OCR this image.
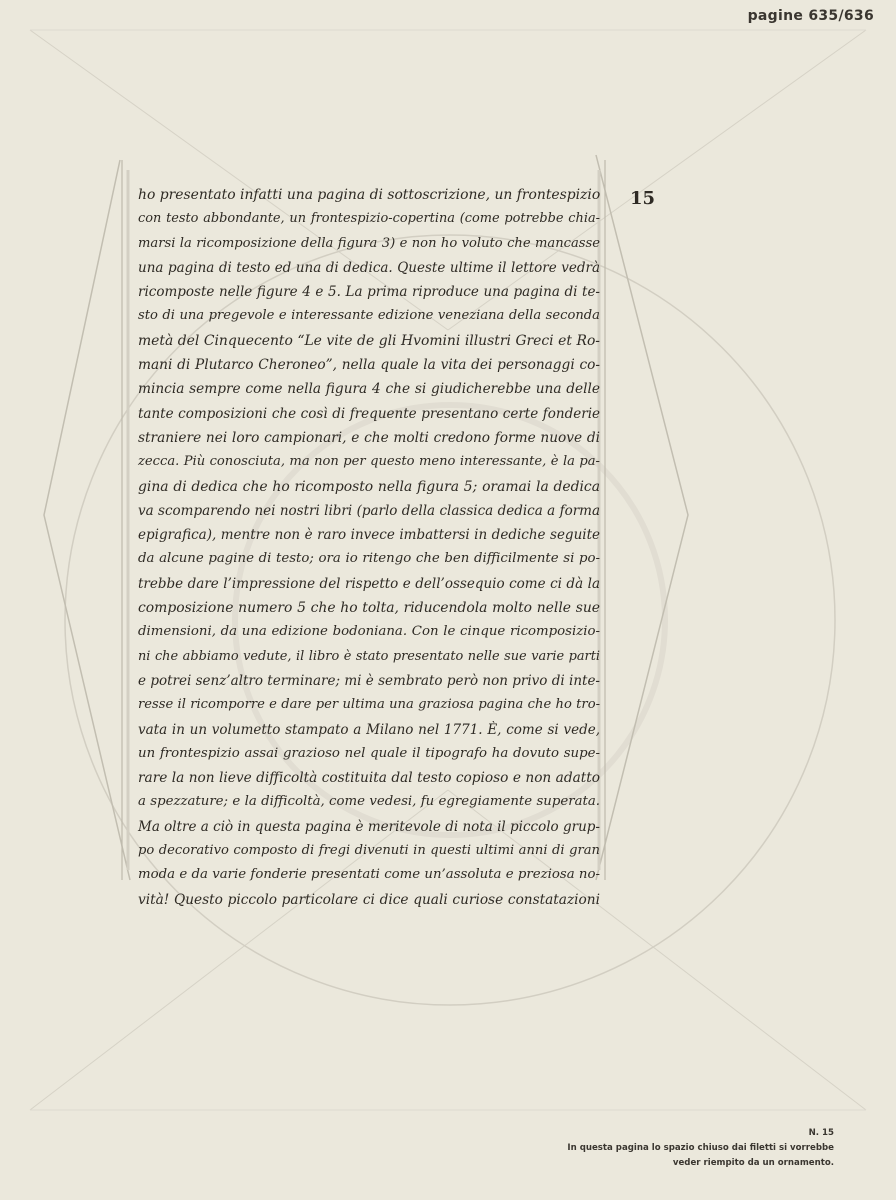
pagine 635/636
15
ho presentato infatti una pagina di sottoscrizione, un frontespizio
con testo abbondante, un frontespizio-copertina (come potrebbe chia-
marsi la ricomposizione della figura 3) e non ho voluto che mancasse
una pagina di testo ed una di dedica. Queste ultime il lettore vedrà
ricomposte nelle figure 4 e 5. La prima riproduce una pagina di te-
sto di una pregevole e interessante edizione veneziana della seconda
metà del Cinquecento “Le vite de gli Hvomini illustri Greci et Ro-
mani di Plutarco Cheroneo”, nella quale la vita dei personaggi co-
mincia sempre come nella figura 4 che si giudicherebbe una delle
tante composizioni che così di frequente presentano certe fonderie
straniere nei loro campionari, e che molti credono forme nuove di
zecca. Più conosciuta, ma non per questo meno interessante, è la pa-
gina di dedica che ho ricomposto nella figura 5; oramai la dedica
va scomparendo nei nostri libri (parlo della classica dedica a forma
epigrafica), mentre non è raro invece imbattersi in dediche seguite
da alcune pagine di testo; ora io ritengo che ben difficilmente si po-
trebbe dare l’impressione del rispetto e dell’ossequio come ci dà la
composizione numero 5 che ho tolta, riducendola molto nelle sue
dimensioni, da una edizione bodoniana. Con le cinque ricomposizio-
ni che abbiamo vedute, il libro è stato presentato nelle sue varie parti
e potrei senz’altro terminare; mi è sembrato però non privo di inte-
resse il ricomporre e dare per ultima una graziosa pagina che ho tro-
vata in un volumetto stampato a Milano nel 1771. È, come si vede,
un frontespizio assai grazioso nel quale il tipografo ha dovuto supe-
rare la non lieve difficoltà costituita dal testo copioso e non adatto
a spezzature; e la difficoltà, come vedesi, fu egregiamente superata.
Ma oltre a ciò in questa pagina è meritevole di nota il piccolo grup-
po decorativo composto di fregi divenuti in questi ultimi anni di gran
moda e da varie fonderie presentati come un’assoluta e preziosa no-
vità! Questo piccolo particolare ci dice quali curiose constatazioni
N. 15
In questa pagina lo spazio chiuso dai filetti si vorrebbe
veder riempito da un ornamento.
